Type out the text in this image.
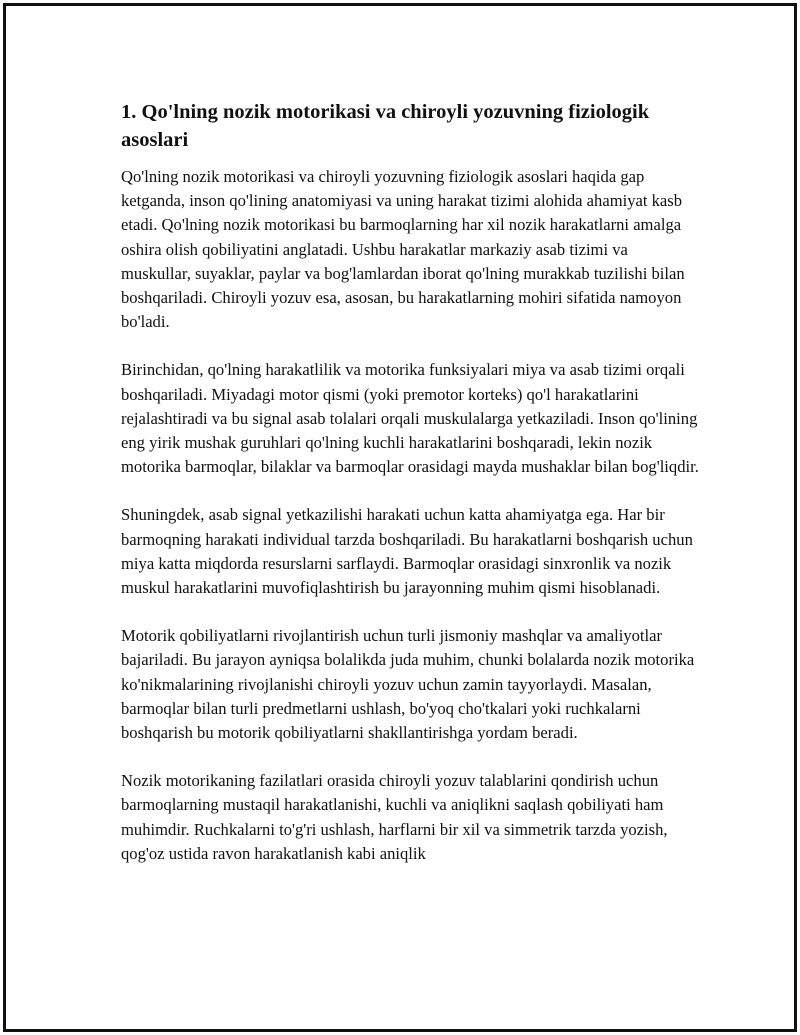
1. Qo'lning nozik motorikasi va chiroyli yozuvning fiziologik asoslari

Qo'lning nozik motorikasi va chiroyli yozuvning fiziologik asoslari haqida gap ketganda, inson qo'lining anatomiyasi va uning harakat tizimi alohida ahamiyat kasb etadi. Qo'lning nozik motorikasi bu barmoqlarning har xil nozik harakatlarni amalga oshira olish qobiliyatini anglatadi. Ushbu harakatlar markaziy asab tizimi va muskullar, suyaklar, paylar va bog'lamlardan iborat qo'lning murakkab tuzilishi bilan boshqariladi. Chiroyli yozuv esa, asosan, bu harakatlarning mohiri sifatida namoyon bo'ladi.

Birinchidan, qo'lning harakatlilik va motorika funksiyalari miya va asab tizimi orqali boshqariladi. Miyadagi motor qismi (yoki premotor korteks) qo'l harakatlarini rejalashtiradi va bu signal asab tolalari orqali muskulalarga yetkaziladi. Inson qo'lining eng yirik mushak guruhlari qo'lning kuchli harakatlarini boshqaradi, lekin nozik motorika barmoqlar, bilaklar va barmoqlar orasidagi mayda mushaklar bilan bog'liqdir.

Shuningdek, asab signal yetkazilishi harakati uchun katta ahamiyatga ega. Har bir barmoqning harakati individual tarzda boshqariladi. Bu harakatlarni boshqarish uchun miya katta miqdorda resurslarni sarflaydi. Barmoqlar orasidagi sinxronlik va nozik muskul harakatlarini muvofiqlashtirish bu jarayonning muhim qismi hisoblanadi.

Motorik qobiliyatlarni rivojlantirish uchun turli jismoniy mashqlar va amaliyotlar bajariladi. Bu jarayon ayniqsa bolalikda juda muhim, chunki bolalarda nozik motorika ko'nikmalarining rivojlanishi chiroyli yozuv uchun zamin tayyorlaydi. Masalan, barmoqlar bilan turli predmetlarni ushlash, bo'yoq cho'tkalari yoki ruchkalarni boshqarish bu motorik qobiliyatlarni shakllantirishga yordam beradi.

Nozik motorikaning fazilatlari orasida chiroyli yozuv talablarini qondirish uchun barmoqlarning mustaqil harakatlanishi, kuchli va aniqlikni saqlash qobiliyati ham muhimdir. Ruchkalarni to'g'ri ushlash, harflarni bir xil va simmetrik tarzda yozish, qog'oz ustida ravon harakatlanish kabi aniqlik
